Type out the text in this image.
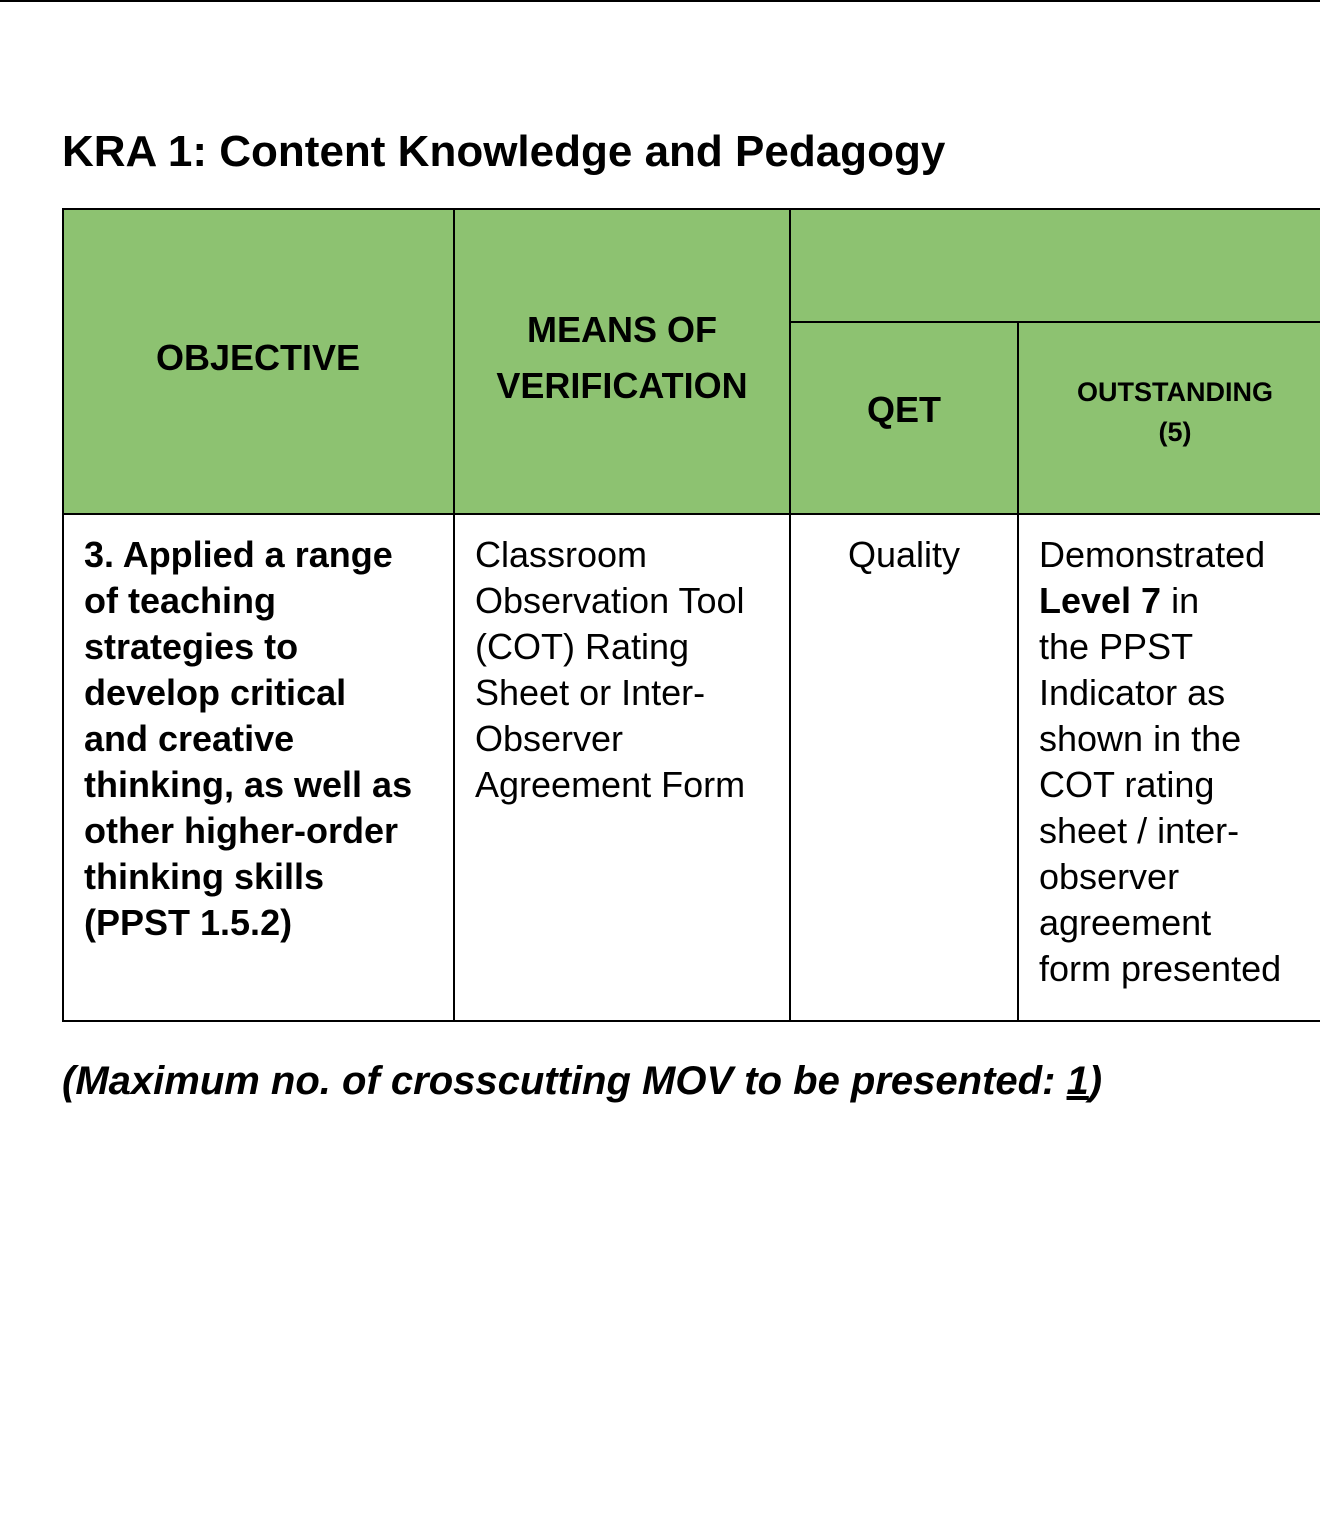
KRA 1: Content Knowledge and Pedagogy
OBJECTIVE
MEANS OF
VERIFICATION
QET	OUTSTANDING
(5)
3. Applied a range
of teaching
strategies to
develop critical
and creative
thinking, as well as
other higher-order
thinking skills
(PPST 1.5.2)
Classroom
Observation Tool
(COT) Rating
Sheet or Inter-
Observer
Agreement Form
Quality	Demonstrated
Level 7 in
the PPST
Indicator as
shown in the
COT rating
sheet / inter-
observer
agreement
form presented
(Maximum no. of crosscutting MOV to be presented: 1)
